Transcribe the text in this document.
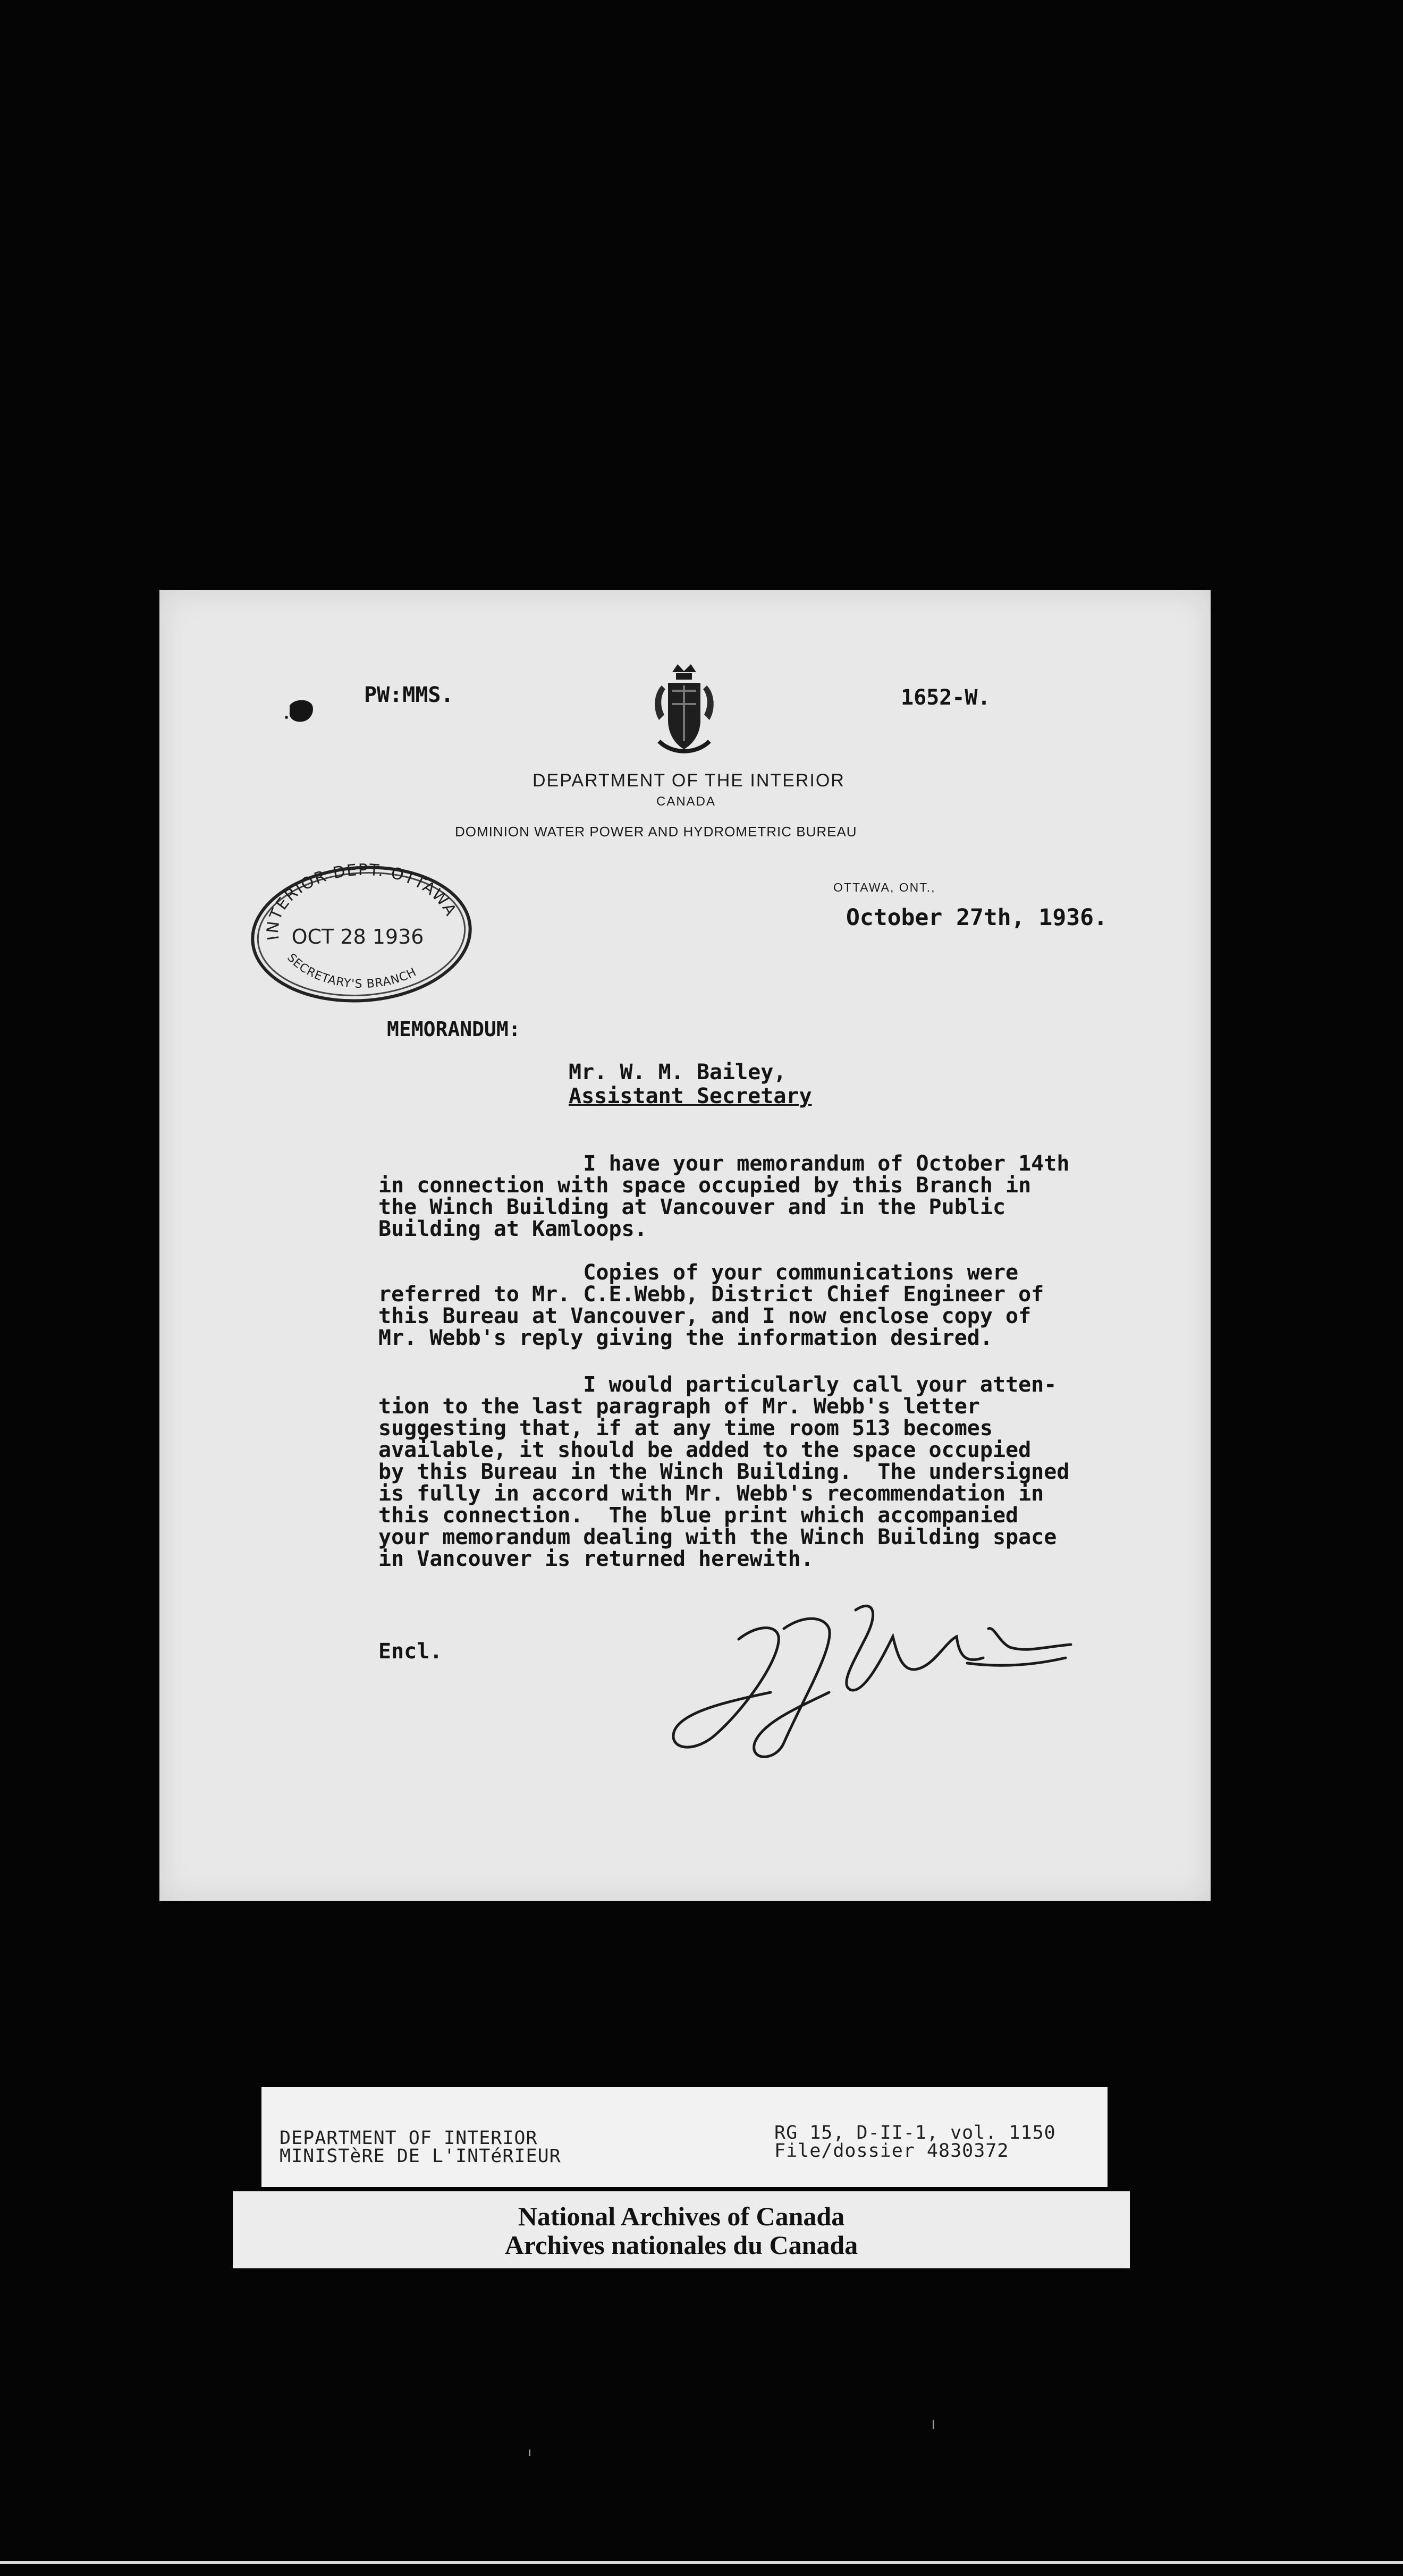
PW:MMS.	1652-W.
DEPARTMENT OF THE INTERIOR
CANADA
DOMINION WATER POWER AND HYDROMETRIC BUREAU
INTERIOR DEPT. OTTAWA
OCT 28 1936
SECRETARY'S BRANCH
OTTAWA, ONT.,
October 27th, 1936.
MEMORANDUM:
Mr. W. M. Bailey,
Assistant Secretary
I have your memorandum of October 14th
in connection with space occupied by this Branch in
the Winch Building at Vancouver and in the Public
Building at Kamloops.
Copies of your communications were
referred to Mr. C.E.Webb, District Chief Engineer of
this Bureau at Vancouver, and I now enclose copy of
Mr. Webb's reply giving the information desired.
I would particularly call your atten-
tion to the last paragraph of Mr. Webb's letter
suggesting that, if at any time room 513 becomes
available, it should be added to the space occupied
by this Bureau in the Winch Building.  The undersigned
is fully in accord with Mr. Webb's recommendation in
this connection.  The blue print which accompanied
your memorandum dealing with the Winch Building space
in Vancouver is returned herewith.
Encl.
DEPARTMENT OF INTERIOR
MINISTèRE DE L'INTéRIEUR
RG 15, D-II-1, vol. 1150
File/dossier 4830372
National Archives of Canada
Archives nationales du Canada
